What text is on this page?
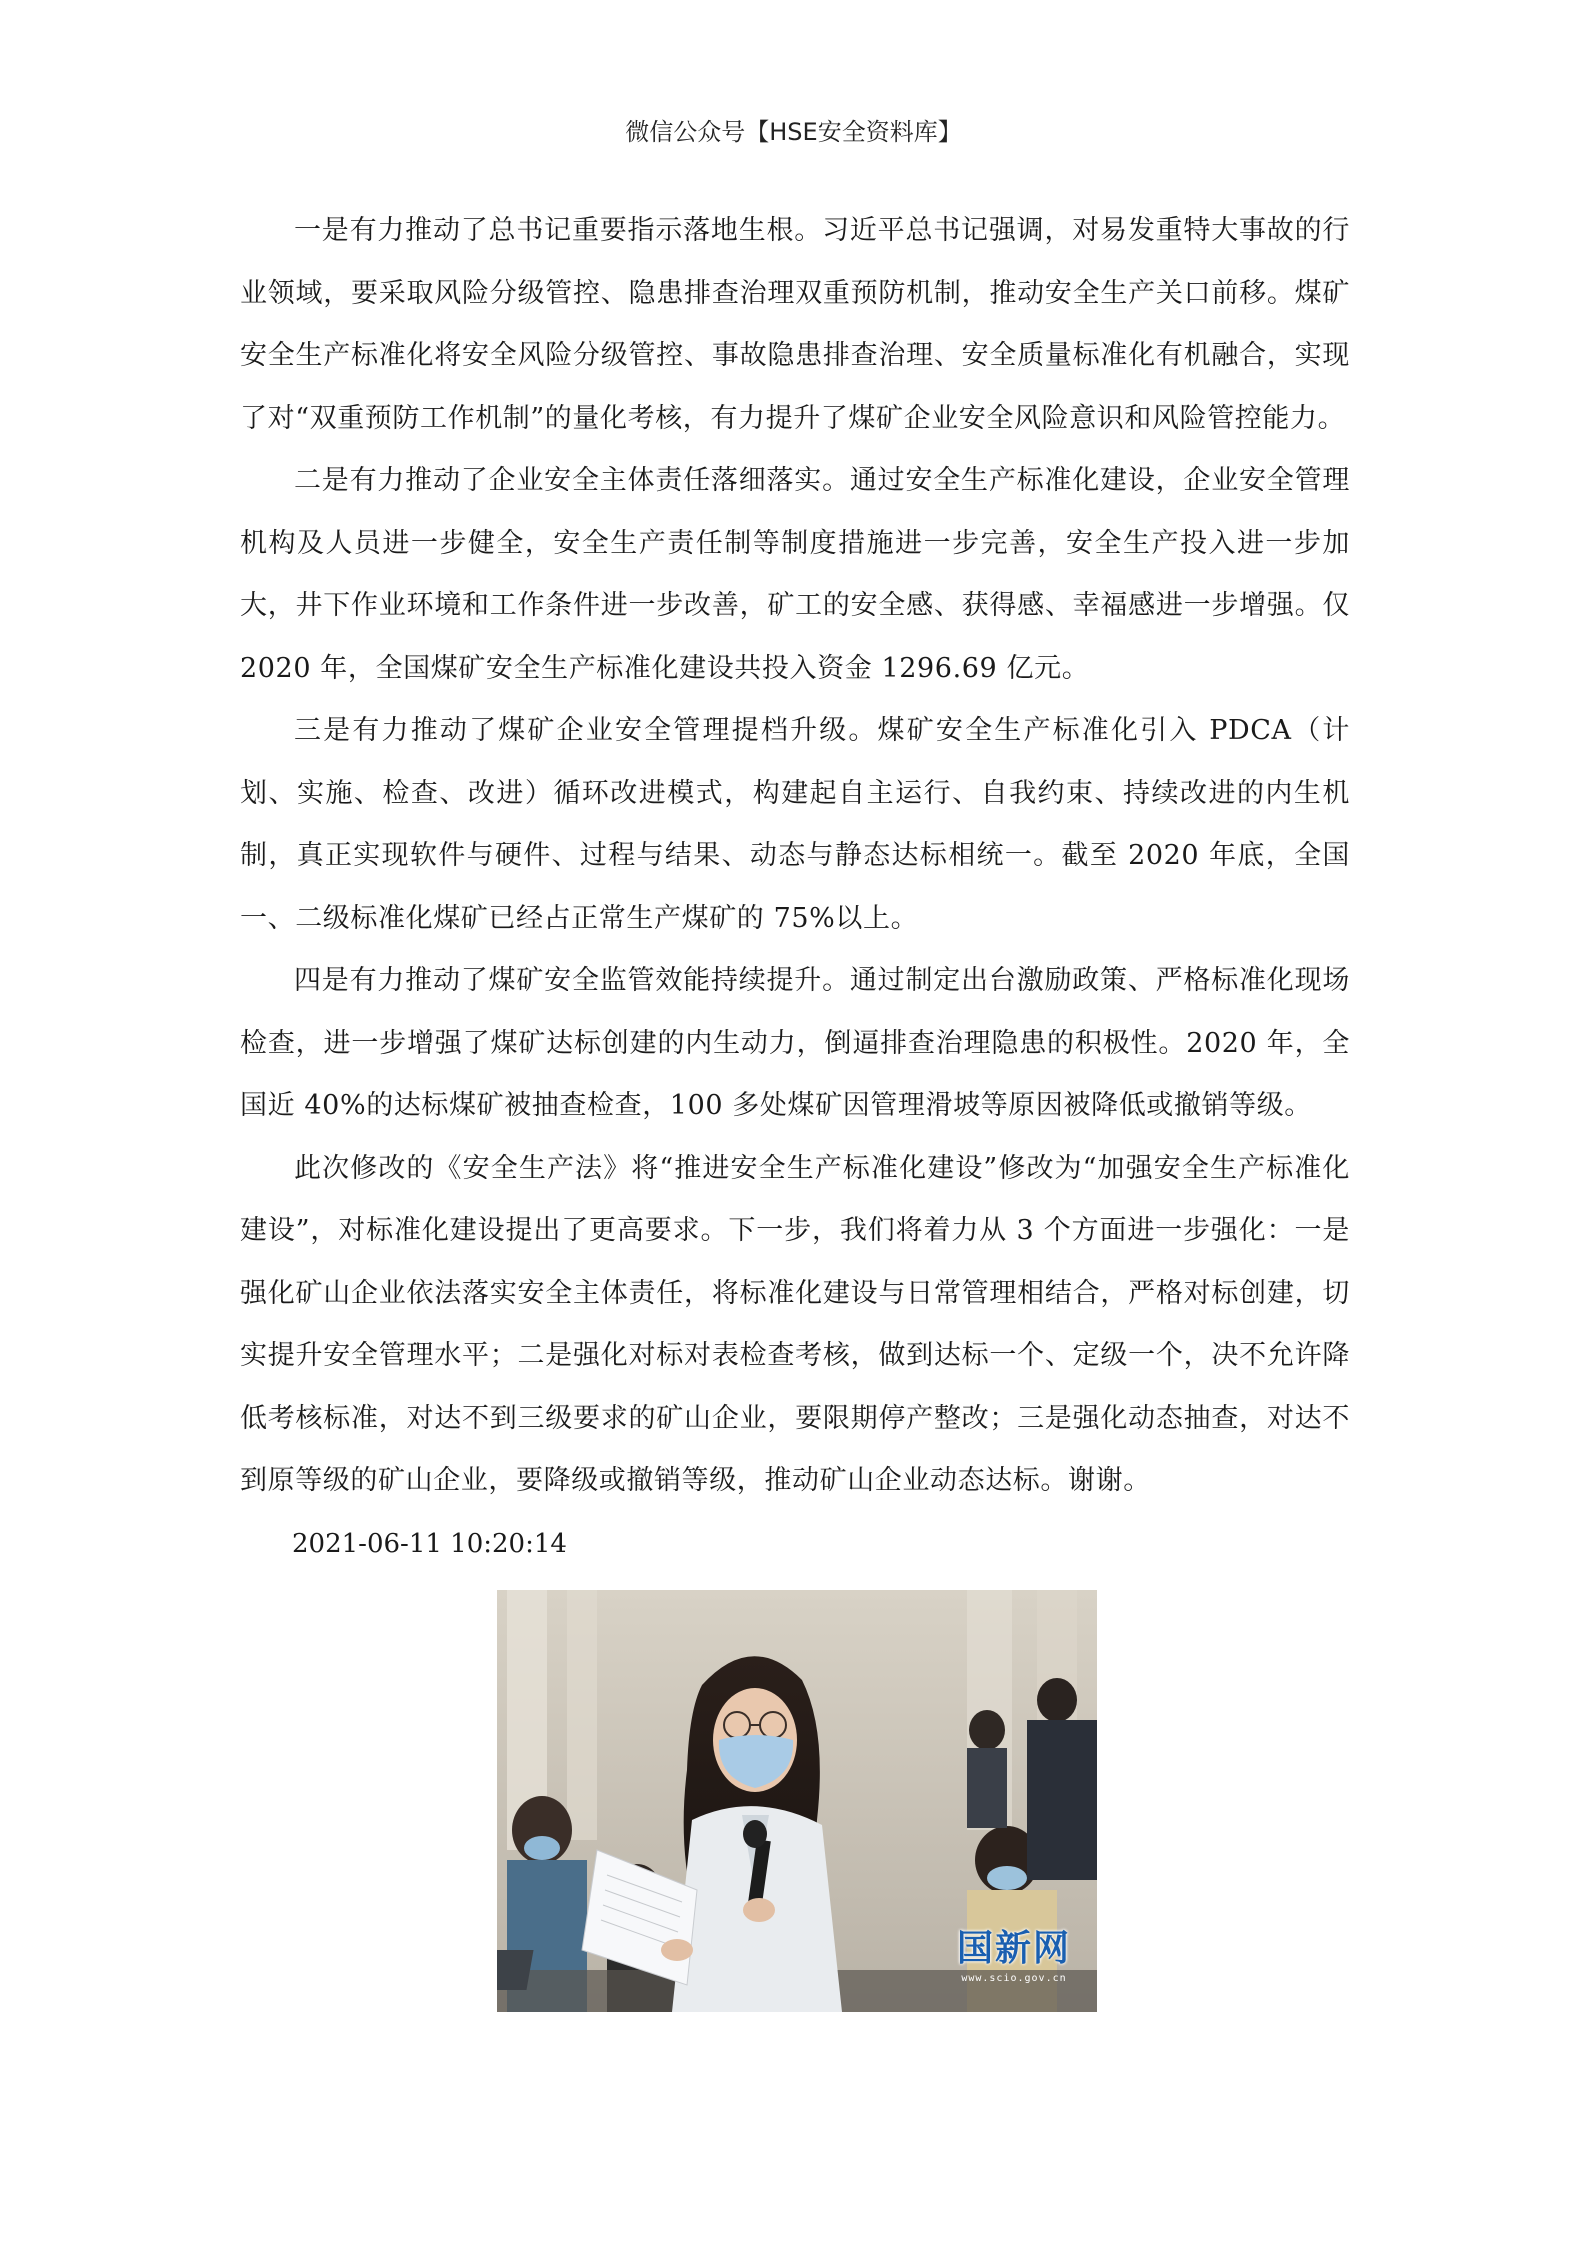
微信公众号【HSE安全资料库】

一是有力推动了总书记重要指示落地生根。习近平总书记强调，对易发重特大事故的行业领域，要采取风险分级管控、隐患排查治理双重预防机制，推动安全生产关口前移。煤矿安全生产标准化将安全风险分级管控、事故隐患排查治理、安全质量标准化有机融合，实现了对“双重预防工作机制”的量化考核，有力提升了煤矿企业安全风险意识和风险管控能力。

二是有力推动了企业安全主体责任落细落实。通过安全生产标准化建设，企业安全管理机构及人员进一步健全，安全生产责任制等制度措施进一步完善，安全生产投入进一步加大，井下作业环境和工作条件进一步改善，矿工的安全感、获得感、幸福感进一步增强。仅 2020 年，全国煤矿安全生产标准化建设共投入资金 1296.69 亿元。

三是有力推动了煤矿企业安全管理提档升级。煤矿安全生产标准化引入 PDCA（计划、实施、检查、改进）循环改进模式，构建起自主运行、自我约束、持续改进的内生机制，真正实现软件与硬件、过程与结果、动态与静态达标相统一。截至 2020 年底，全国一、二级标准化煤矿已经占正常生产煤矿的 75%以上。

四是有力推动了煤矿安全监管效能持续提升。通过制定出台激励政策、严格标准化现场检查，进一步增强了煤矿达标创建的内生动力，倒逼排查治理隐患的积极性。2020 年，全国近 40%的达标煤矿被抽查检查，100 多处煤矿因管理滑坡等原因被降低或撤销等级。

此次修改的《安全生产法》将“推进安全生产标准化建设”修改为“加强安全生产标准化建设”，对标准化建设提出了更高要求。下一步，我们将着力从 3 个方面进一步强化：一是强化矿山企业依法落实安全主体责任，将标准化建设与日常管理相结合，严格对标创建，切实提升安全管理水平；二是强化对标对表检查考核，做到达标一个、定级一个，决不允许降低考核标准，对达不到三级要求的矿山企业，要限期停产整改；三是强化动态抽查，对达不到原等级的矿山企业，要降级或撤销等级，推动矿山企业动态达标。谢谢。

2021-06-11 10:20:14

国新网
www.scio.gov.cn
